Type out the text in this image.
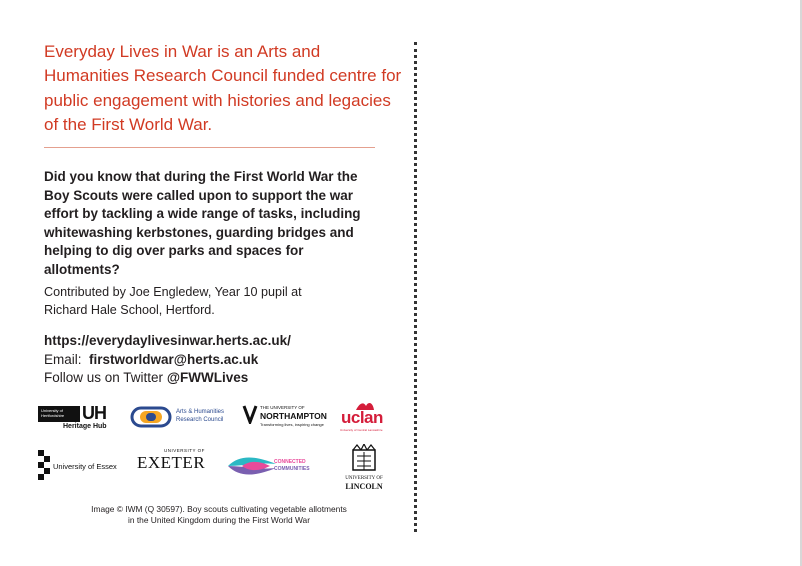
Everyday Lives in War is an Arts and Humanities Research Council funded centre for public engagement with histories and legacies of the First World War.
Did you know that during the First World War the Boy Scouts were called upon to support the war effort by tackling a wide range of tasks, including whitewashing kerbstones, guarding bridges and helping to dig over parks and spaces for allotments?
Contributed by Joe Engledew, Year 10 pupil at
Richard Hale School, Hertford.
https://everydaylivesinwar.herts.ac.uk/
Email: firstworldwar@herts.ac.uk
Follow us on Twitter @FWWLives
University of
Hertfordshire UH
Heritage Hub
Arts & Humanities
Research Council
THE UNIVERSITY OF
NORTHAMPTON
Transforming lives, inspiring change uclan
University of Central Lancashire
University of Essex
UNIVERSITY OF
EXETER	CONNECTED
COMMUNITIES
UNIVERSITY OF
LINCOLN
Image © IWM (Q 30597). Boy scouts cultivating vegetable allotments
in the United Kingdom during the First World War
